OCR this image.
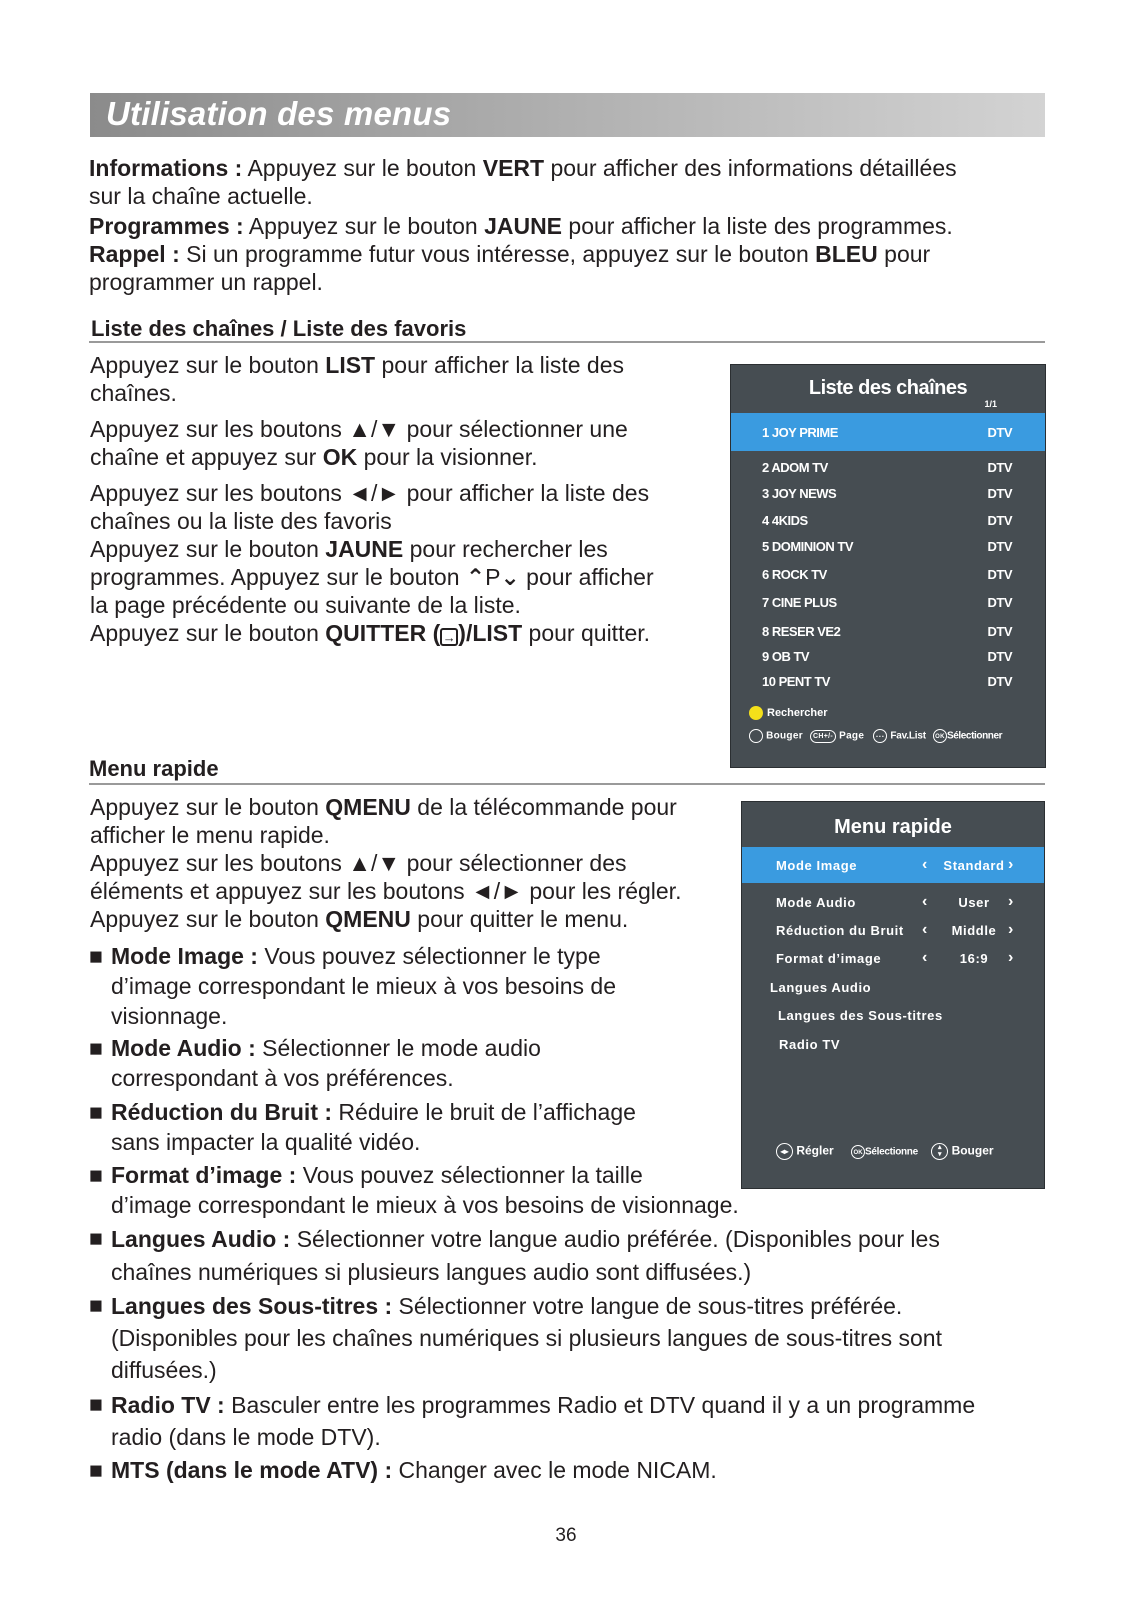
Utilisation des menus
Informations : Appuyez sur le bouton VERT pour afficher des informations détaillées
sur la chaîne actuelle.
Programmes : Appuyez sur le bouton JAUNE pour afficher la liste des programmes.
Rappel : Si un programme futur vous intéresse, appuyez sur le bouton BLEU pour
programmer un rappel.
Liste des chaînes / Liste des favoris
Appuyez sur le bouton LIST pour afficher la liste des
chaînes.
Appuyez sur les boutons ▲/▼ pour sélectionner une
chaîne et appuyez sur OK pour la visionner.
Appuyez sur les boutons ◄/► pour afficher la liste des
chaînes ou la liste des favoris
Appuyez sur le bouton JAUNE pour rechercher les
programmes. Appuyez sur le bouton ⌃P⌄ pour afficher
la page précédente ou suivante de la liste.
Appuyez sur le bouton QUITTER ( → )/LIST pour quitter.
Liste des chaînes
1/1
1 JOY PRIME	DTV
2 ADOM TV	DTV
3 JOY NEWS	DTV
4 4KIDS	DTV
5 DOMINION TV	DTV
6 ROCK TV	DTV
7 CINE PLUS	DTV
8 RESER VE2	DTV
9 OB TV	DTV
10 PENT TV	DTV
Rechercher
Bouger CH+/- Page ··· Fav.List OK Sélectionner
Menu rapide
Appuyez sur le bouton QMENU de la télécommande pour
afficher le menu rapide.
Appuyez sur les boutons ▲/▼ pour sélectionner des
éléments et appuyez sur les boutons ◄/► pour les régler.
Appuyez sur le bouton QMENU pour quitter le menu.
Menu rapide
Mode Image	‹	Standard ›
Mode Audio	‹	User	›
Réduction du Bruit ‹	Middle ›
Format d’image	‹	16:9	›
Langues Audio
Langues des Sous-titres
Radio TV
◂▸ Régler	OK Sélectionne	▴
▾ Bouger
■ Mode Image : Vous pouvez sélectionner le type
d’image correspondant le mieux à vos besoins de
visionnage.
■ Mode Audio : Sélectionner le mode audio
correspondant à vos préférences.
■ Réduction du Bruit : Réduire le bruit de l’affichage
sans impacter la qualité vidéo.
■ Format d’image : Vous pouvez sélectionner la taille
d’image correspondant le mieux à vos besoins de visionnage.
■ Langues Audio : Sélectionner votre langue audio préférée. (Disponibles pour les
chaînes numériques si plusieurs langues audio sont diffusées.)
■ Langues des Sous-titres : Sélectionner votre langue de sous-titres préférée.
(Disponibles pour les chaînes numériques si plusieurs langues de sous-titres sont
diffusées.)
■ Radio TV : Basculer entre les programmes Radio et DTV quand il y a un programme
radio (dans le mode DTV).
■ MTS (dans le mode ATV) : Changer avec le mode NICAM.
36
